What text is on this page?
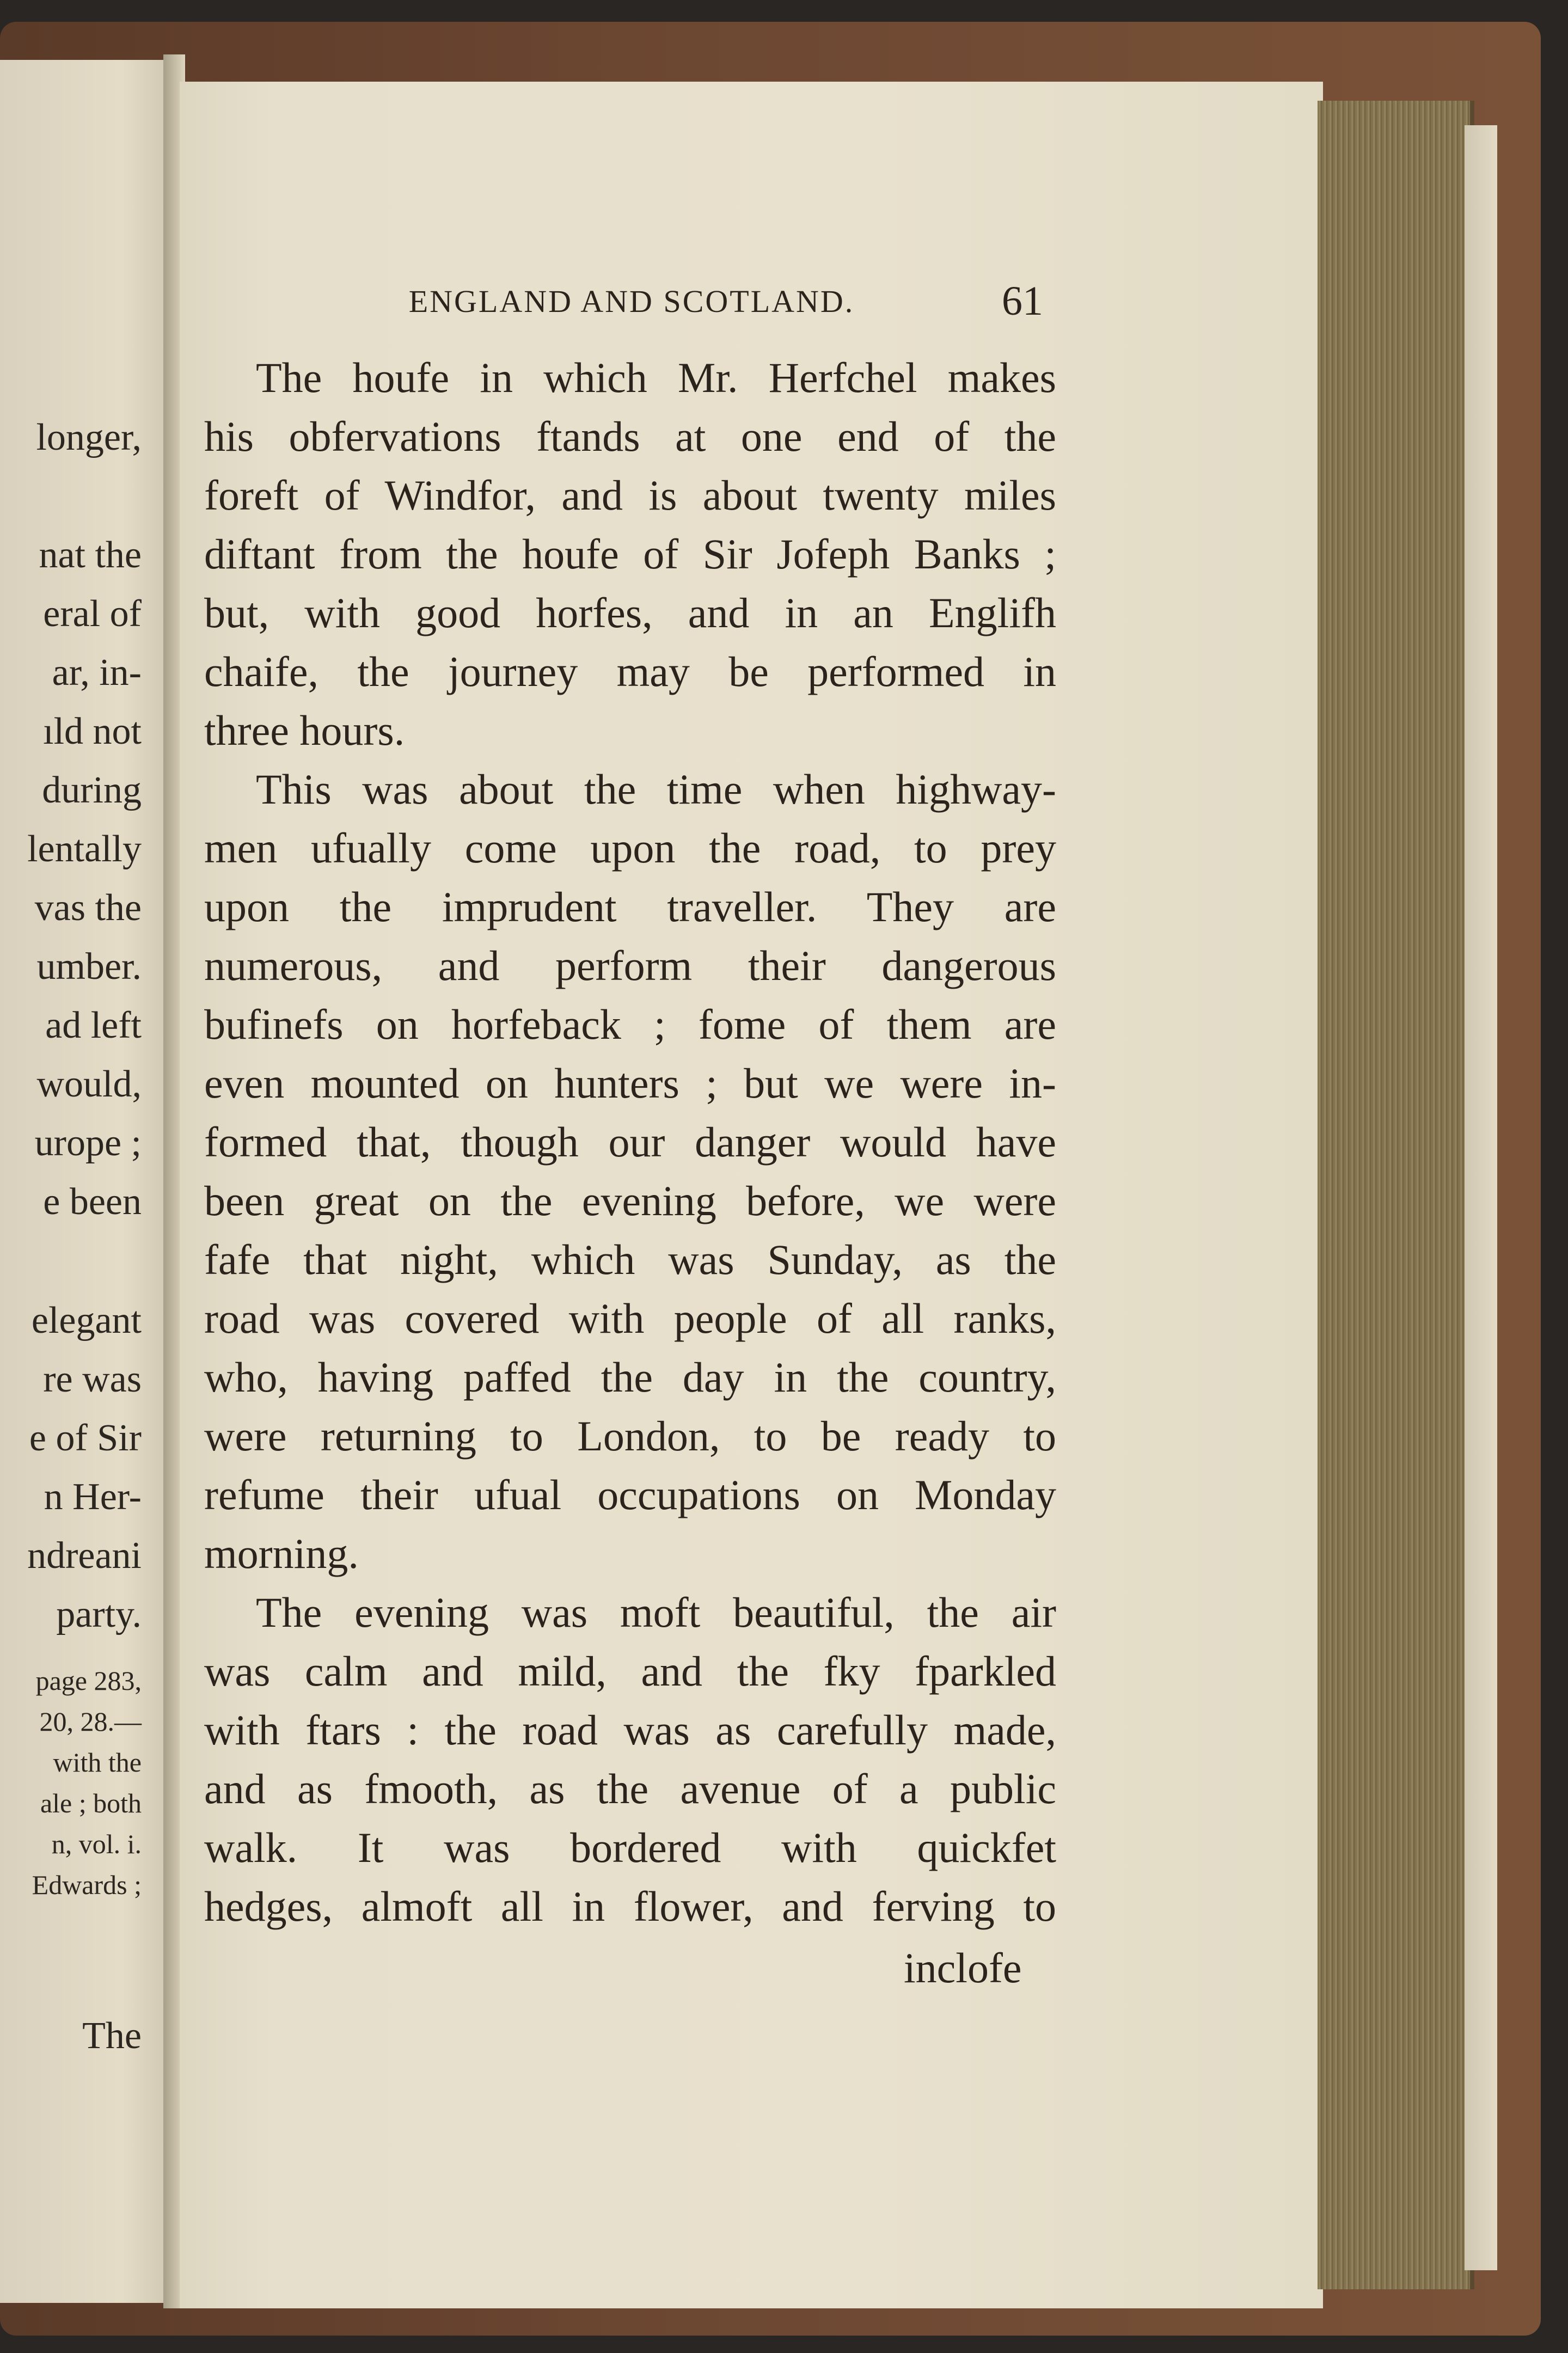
longer,

nat the
eral of
ar, in-
ıld not
during
lentally
vas the
umber.
ad left
would,
urope ;
e been
elegant
re was
e of Sir
n Her-
ndreani
party.
page 283,
20, 28.—
with the
ale ; both
n, vol. i.
Edwards ;
The
ENGLAND AND SCOTLAND.	61
The houfe in which Mr. Herfchel makes
his obfervations ftands at one end of the
foreft of Windfor, and is about twenty miles
diftant from the houfe of Sir Jofeph Banks ;
but, with good horfes, and in an Englifh
chaife, the journey may be performed in
three hours.
This was about the time when highway-
men ufually come upon the road, to prey
upon the imprudent traveller. They are
numerous, and perform their dangerous
bufinefs on horfeback ; fome of them are
even mounted on hunters ; but we were in-
formed that, though our danger would have
been great on the evening before, we were
fafe that night, which was Sunday, as the
road was covered with people of all ranks,
who, having paffed the day in the country,
were returning to London, to be ready to
refume their ufual occupations on Monday
morning.
The evening was moft beautiful, the air
was calm and mild, and the fky fparkled
with ftars : the road was as carefully made,
and as fmooth, as the avenue of a public
walk. It was bordered with quickfet
hedges, almoft all in flower, and ferving to
inclofe
